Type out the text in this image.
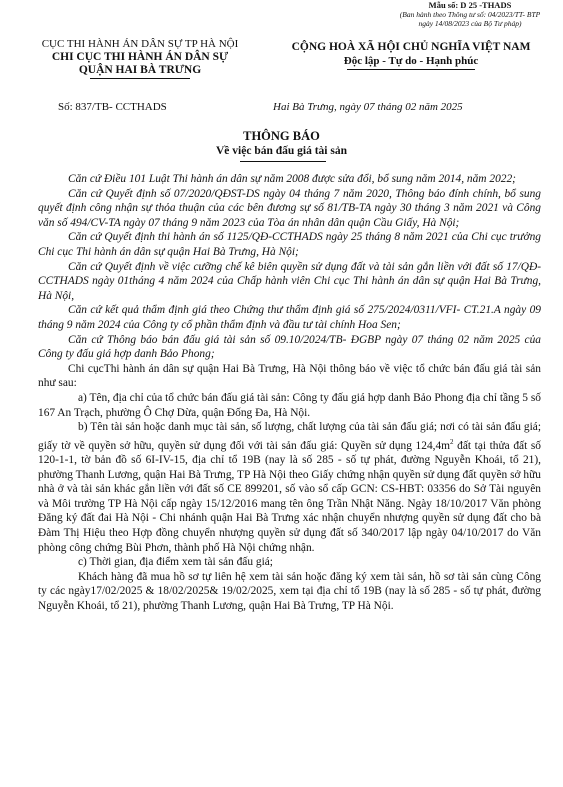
Mẫu số: D 25 -THADS
(Ban hành theo Thông tư số: 04/2023/TT- BTP
ngày 14/08/2023 của Bộ Tư pháp)
CỤC THI HÀNH ÁN DÂN SỰ TP HÀ NỘI
CHI CỤC THI HÀNH ÁN DÂN SỰ
QUẬN HAI BÀ TRƯNG
CỘNG HOÀ XÃ HỘI CHỦ NGHĨA VIỆT NAM
Độc lập - Tự do - Hạnh phúc
Số: 837/TB- CCTHADS	Hai Bà Trưng, ngày 07 tháng 02 năm 2025
THÔNG BÁO
Về việc bán đấu giá tài sản

Căn cứ Điều 101 Luật Thi hành án dân sự năm 2008 được sửa đổi, bổ sung năm 2014, năm 2022;

Căn cứ Quyết định số 07/2020/QĐST-DS ngày 04 tháng 7 năm 2020, Thông báo đính chính, bổ sung quyết định công nhận sự thỏa thuận của các bên đương sự số 81/TB-TA ngày 30 tháng 3 năm 2021 và Công văn số 494/CV-TA ngày 07 tháng 9 năm 2023 của Tòa án nhân dân quận Cầu Giấy, Hà Nội;

Căn cứ Quyết định thi hành án số 1125/QĐ-CCTHADS ngày 25 tháng 8 năm 2021 của Chi cục trưởng Chi cục Thi hành án dân sự quận Hai Bà Trưng, Hà Nội;

Căn cứ Quyết định về việc cưỡng chế kê biên quyền sử dụng đất và tài sản gắn liền với đất số 17/QĐ- CCTHADS ngày 01tháng 4 năm 2024 của Chấp hành viên Chi cục Thi hành án dân sự quận Hai Bà Trưng, Hà Nội,

Căn cứ kết quả thẩm định giá theo Chứng thư thẩm định giá số 275/2024/0311/VFI- CT.21.A ngày 09 tháng 9 năm 2024 của Công ty cổ phần thẩm định và đầu tư tài chính Hoa Sen;

Căn cứ Thông báo bán đấu giá tài sản số 09.10/2024/TB- ĐGBP ngày 07 tháng 02 năm 2025 của Công ty đấu giá hợp danh Bảo Phong;

Chi cụcThi hành án dân sự quận Hai Bà Trưng, Hà Nội thông báo về việc tổ chức bán đấu giá tài sản như sau:

a) Tên, địa chỉ của tổ chức bán đấu giá tài sản: Công ty đấu giá hợp danh Bảo Phong địa chỉ tầng 5 số 167 An Trạch, phường Ô Chợ Dừa, quận Đống Đa, Hà Nội.

b) Tên tài sản hoặc danh mục tài sản, số lượng, chất lượng của tài sản đấu giá; nơi có tài sản đấu giá; giấy tờ về quyền sở hữu, quyền sử dụng đối với tài sản đấu giá: Quyền sử dụng $124,4m^2$ đất tại thửa đất số 120-1-1, tờ bản đồ số 6I-IV-15, địa chỉ tổ 19B (nay là số 285 - số tự phát, đường Nguyễn Khoái, tổ 21), phường Thanh Lương, quận Hai Bà Trưng, TP Hà Nội theo Giấy chứng nhận quyền sử dụng đất quyền sở hữu nhà ở và tài sản khác gắn liền với đất số CE 899201, số vào sổ cấp GCN: CS-HBT: 03356 do Sở Tài nguyên và Môi trường TP Hà Nội cấp ngày 15/12/2016 mang tên ông Trần Nhật Năng. Ngày 18/10/2017 Văn phòng Đăng ký đất đai Hà Nội - Chi nhánh quận Hai Bà Trưng xác nhận chuyển nhượng quyền sử dụng đất cho bà Đàm Thị Hiệu theo Hợp đồng chuyển nhượng quyền sử dụng đất số 340/2017 lập ngày 04/10/2017 do Văn phòng công chứng Bùi Phơn, thành phố Hà Nội chứng nhận.

c) Thời gian, địa điểm xem tài sản đấu giá;

Khách hàng đã mua hồ sơ tự liên hệ xem tài sản hoặc đăng ký xem tài sản, hồ sơ tài sản cùng Công ty các ngày17/02/2025 & 18/02/2025& 19/02/2025, xem tại địa chỉ tổ 19B (nay là số 285 - số tự phát, đường Nguyễn Khoái, tổ 21), phường Thanh Lương, quận Hai Bà Trưng, TP Hà Nội.
